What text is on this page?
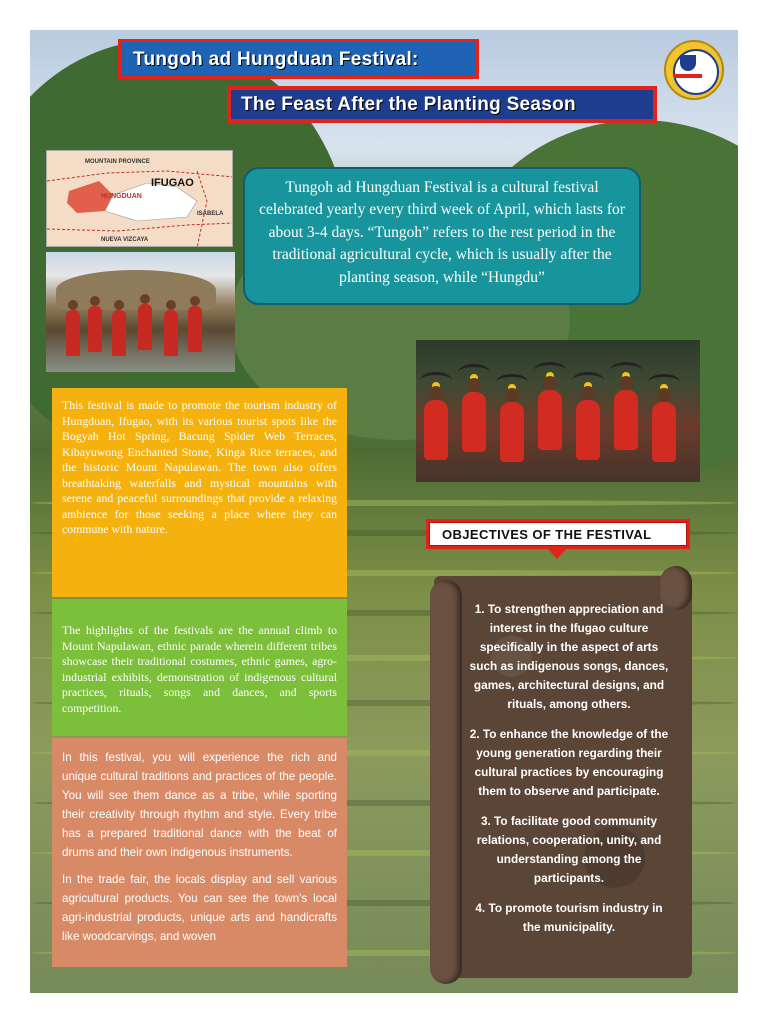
Tungoh ad Hungduan Festival:
The Feast After the Planting Season
MOUNTAIN PROVINCE
IFUGAO
HUNGDUAN
ISABELA
NUEVA VIZCAYA

Tungoh ad Hungduan Festival is a cultural festival celebrated yearly every third week of April, which lasts for about 3-4 days. “Tungoh” refers to the rest period in the traditional agricultural cycle, which is usually after the planting season, while “Hungdu”

This festival is made to promote the tourism industry of Hungduan, Ifugao, with its various tourist spots like the Bogyah Hot Spring, Bacung Spider Web Terraces, Kibayuwong Enchanted Stone, Kinga Rice terraces, and the historic Mount Napulawan. The town also offers breathtaking waterfalls and mystical mountains with serene and peaceful surroundings that provide a relaxing ambience for those seeking a place where they can commune with nature.

The highlights of the festivals are the annual climb to Mount Napulawan, ethnic parade wherein different tribes showcase their traditional costumes, ethnic games, agro-industrial exhibits, demonstration of indigenous cultural practices, rituals, songs and dances, and sports competition.

In this festival, you will experience the rich and unique cultural traditions and practices of the people. You will see them dance as a tribe, while sporting their creativity through rhythm and style. Every tribe has a prepared traditional dance with the beat of drums and their own indigenous instruments.

In the trade fair, the locals display and sell various agricultural products. You can see the town's local agri-industrial products, unique arts and handicrafts like woodcarvings, and woven

OBJECTIVES OF THE FESTIVAL

1. To strengthen appreciation and interest in the Ifugao culture specifically in the aspect of arts such as indigenous songs, dances, games, architectural designs, and rituals, among others.

2. To enhance the knowledge of the young generation regarding their cultural practices by encouraging them to observe and participate.

3. To facilitate good community relations, cooperation, unity, and understanding among the participants.

4. To promote tourism industry in the municipality.
